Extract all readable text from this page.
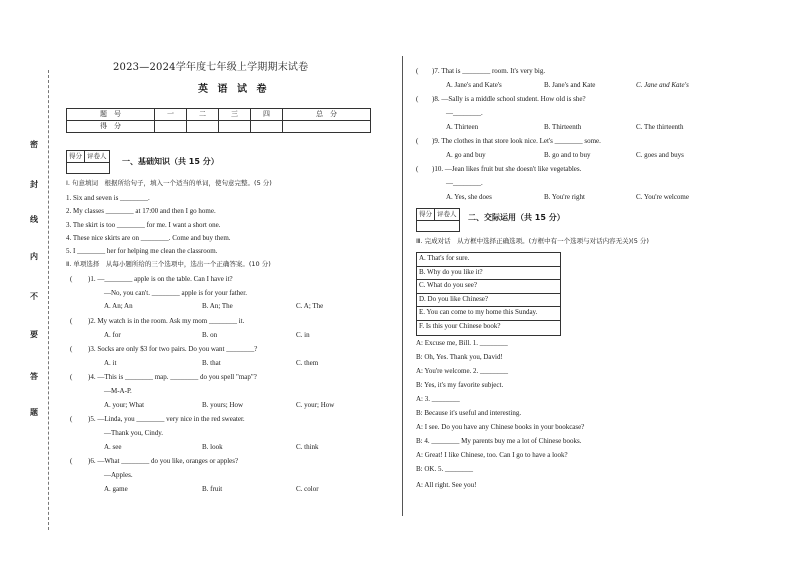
密
封
线
内
不
要
答
题
2023—2024学年度七年级上学期期末试卷
英 语 试 卷
题　号	一	二	三	四	总　分
得　分					
得分 评卷人
一、基础知识（共 15 分）
Ⅰ. 句意填词　根据所给句子，填入一个适当的单词，使句意完整。(5 分)
1. Six and seven is ________.
2. My classes ________ at 17:00 and then I go home.
3. The skirt is too ________ for me. I want a short one.
4. These nice skirts are on ________. Come and buy them.
5. I ________ her for helping me clean the classroom.
Ⅱ. 单项选择　从每小题所给的三个选项中，选出一个正确答案。(10 分)
( )1. —________ apple is on the table. Can I have it?
—No, you can't. ________ apple is for your father.
A. An; An	B. An; The	C. A; The
( )2. My watch is in the room. Ask my mom ________ it.
A. for	B. on	C. in
( )3. Socks are only $3 for two pairs. Do you want ________?
A. it	B. that	C. them
( )4. —This is ________ map. ________ do you spell "map"?
—M-A-P.
A. your; What	B. yours; How	C. your; How
( )5. —Linda, you ________ very nice in the red sweater.
—Thank you, Cindy.
A. see	B. look	C. think
( )6. —What ________ do you like, oranges or apples?
—Apples.
A. game	B. fruit	C. color
( )7. That is ________ room. It's very big.
A. Jane's and Kate's	B. Jane's and Kate	C. Jane and Kate's
( )8. —Sally is a middle school student. How old is she?
—________.
A. Thirteen	B. Thirteenth	C. The thirteenth
( )9. The clothes in that store look nice. Let's ________ some.
A. go and buy	B. go and to buy	C. goes and buys
( )10. —Jean likes fruit but she doesn't like vegetables.
—________.
A. Yes, she does	B. You're right	C. You're welcome
得分 评卷人 二、交际运用（共 15 分）
Ⅲ. 完成对话　从方框中选择正确选项。(方框中有一个选项与对话内容无关)(5 分)
A. That's for sure.
B. Why do you like it?
C. What do you see?
D. Do you like Chinese?
E. You can come to my home this Sunday.
F. Is this your Chinese book?
A: Excuse me, Bill. 1. ________
B: Oh, Yes. Thank you, David!
A: You're welcome. 2. ________
B: Yes, it's my favorite subject.
A: 3. ________
B: Because it's useful and interesting.
A: I see. Do you have any Chinese books in your bookcase?
B: 4. ________ My parents buy me a lot of Chinese books.
A: Great! I like Chinese, too. Can I go to have a look?
B: OK. 5. ________
A: All right. See you!
